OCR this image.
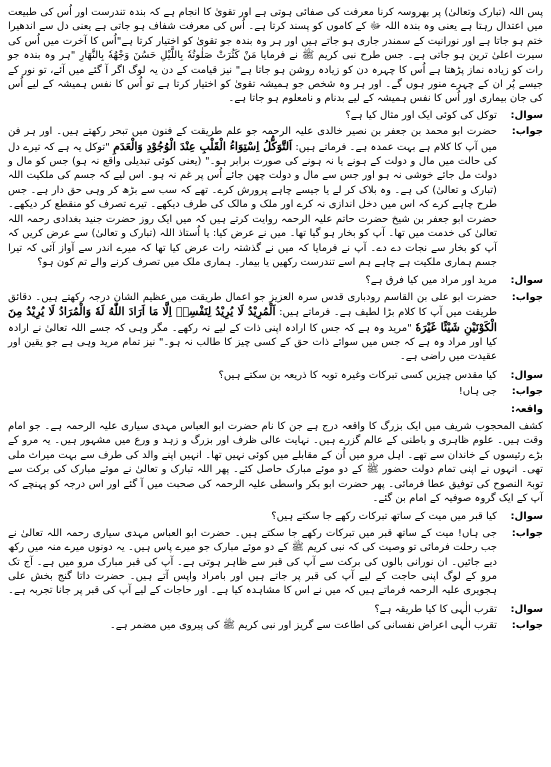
پس اللہ (تبارک وتعالیٰ) پر بھروسہ کرنا معرفت کی صفائی ہوتی ہے اور تقویٰ کا انجام ہے کہ بندہ تندرست اور اُس کی طبیعت میں اعتدال رہتا ہے یعنی وہ بندہ اللہ ﷻ کے کاموں کو پسند کرتا ہے۔ اُس کی معرفت شفاف ہو جاتی ہے یعنی دل سے اندھیرا ختم ہو جاتا ہے اور نورانیت کے سمندر جاری ہو جاتے ہیں اور ہر وہ بندہ جو تقویٰ کو اختیار کرتا ہے"اُس کا آخرت میں اُس کی سیرت اعلیٰ ترین ہو جاتی ہے۔ جس طرح نبی کریم ﷺ نے فرمایا مَنْ كَثُرَتْ صَلٰوتُهٗ بِاللَّيْلِ حَسُنَ وَجْهُهٗ بِالنَّهَارِ "ہر وہ بندہ جو رات کو زیادہ نماز پڑھتا ہے اُس کا چہرہ دن کو زیادہ روشن ہو جاتا ہے" نیز قیامت کے دن یہ لوگ اگر آ گئے میں آئے، تو نور کے جیسے پُر ان کے چہرے منور ہوں گے۔ اور ہر وہ شخص جو ہمیشہ تقویٰ کو اختیار کرتا ہے تو اُس کا نفس ہمیشہ کے لیے اُس کی جان بیماری اور اُس کا نفس ہمیشہ کے لیے بدنام و نامعلوم ہو جاتا ہے۔

سوال:
توکل کی کوئی ایک اور مثال کیا ہے؟
جواب:
حضرت ابو محمد بن جعفر بن نصیر خالدی علیہ الرحمہ جو علم طریقت کے فنون میں تبحر رکھتے ہیں۔ اور ہر فن میں آپ کا کلام ہے بہت عمدہ ہے۔ فرماتے ہیں: اَلتَّوَكُّلُ اِسْتِوَاءُ الْقَلْبِ عِنْدَ الْوُجُوْدِ وَالْعَدَمِ "توکل یہ ہے کہ تیرے دل کی حالت میں مال و دولت کے ہونے یا نہ ہونے کی صورت برابر ہو۔" (یعنی کوئی تبدیلی واقع نہ ہو) جس کو مال و دولت مل جائے خوشی نہ ہو اور جس سے مال و دولت چھن جائے اُس پر غم نہ ہو۔ اس لیے کہ جسم کی ملکیت اللہ (تبارک و تعالیٰ) کی ہے۔ وہ بلاک کر لے یا جیسے چاہے پرورش کرے۔ تھے کہ سب سے بڑھ کر وہی حق دار ہے۔ جس طرح چاہے کرے کہ اس میں دخل اندازی نہ کرے اور ملک و مالک کی طرف دیکھے۔ تیرے تصرف کو منقطع کر دیکھے۔ حضرت ابو جعفر بن شیخ حضرت حاتم علیہ الرحمہ روایت کرتے ہیں کہ میں ایک روز حضرت جنید بغدادی رحمہ اللہ تعالیٰ کی خدمت میں تھا۔ آپ کو بخار ہو گیا تھا۔ میں نے عرض کیا: یا اُستاذ اللہ (تبارک و تعالیٰ) سے عرض کریں کہ آپ کو بخار سے نجات دے دے۔ آپ نے فرمایا کہ میں نے گذشتہ رات عرض کیا تھا کہ میرے اندر سے آواز آئی کہ تیرا جسم ہماری ملکیت ہے چاہے ہم اسے تندرست رکھیں یا بیمار۔ ہماری ملک میں تصرف کرنے والے تم کون ہو؟
سوال:
مرید اور مراد میں کیا فرق ہے؟
جواب:
حضرت ابو علی بن القاسم رودباری قدس سرہ العزیز جو اعمال طریقت میں عظیم الشان درجہ رکھتے ہیں۔ دقائق طریقت میں آپ کا کلام بڑا لطیف ہے۔ فرماتے ہیں: اَلْمُرِيْدُ لَا يُرِيْدُ لِنَفْسِهٖ اِلَّا مَا اَرَادَ اللّٰهُ لَهٗ وَالْمُرَادُ لَا يُرِيْدُ مِنَ الْكَوْنَيْنِ شَيْئًا غَيْرَهٗ "مرید وہ ہے کہ جس کا ارادہ اپنی ذات کے لیے نہ رکھے۔ مگر وہی کہ جسے اللہ تعالیٰ نے ارادہ کیا اور مراد وہ ہے کہ جس میں سوائے ذات حق کے کسی چیز کا طالب نہ ہو۔" نیز تمام مرید وہی ہے جو یقین اور عقیدت میں راضی ہے۔
سوال:
کیا مقدس چیزیں کسی تبرکات وغیرہ توبہ کا ذریعہ بن سکتے ہیں؟
جواب:
جی ہاں!
واقعہ:

کشف المحجوب شریف میں ایک بزرگ کا واقعہ درج ہے جن کا نام حضرت ابو العباس مہدی سیاری علیہ الرحمہ ہے۔ جو امام وقت ہیں۔ علوم ظاہری و باطنی کے عالم گزرے ہیں۔ نہایت عالی ظرف اور بزرگ و زہد و ورع میں مشہور ہیں۔ یہ مرو کے بڑے رئیسوں کے خاندان سے تھے۔ اہل مرو میں اُن کے مقابلے میں کوئی نہیں تھا۔ انہیں اپنے والد کی طرف سے بہت میراث ملی تھی۔ انہوں نے اپنی تمام دولت حضور ﷺ کے دو موئے مبارک حاصل کئے۔ پھر اللہ تبارک و تعالیٰ نے موئے مبارک کی برکت سے توبۃ النصوح کی توفیق عطا فرمائی۔ پھر حضرت ابو بکر واسطی علیہ الرحمہ کی صحبت میں آ گئے اور اس درجہ کو پہنچے کہ آپ کے ایک گروہ صوفیہ کے امام بن گئے۔

سوال:
کیا قبر میں میت کے ساتھ تبرکات رکھے جا سکتے ہیں؟
جواب:
جی ہاں! میت کے ساتھ قبر میں تبرکات رکھے جا سکتے ہیں۔ حضرت ابو العباس مہدی سیاری رحمہ اللہ تعالیٰ نے جب رحلت فرمائی تو وصیت کی کہ نبی کریم ﷺ کے دو موئے مبارک جو میرے پاس ہیں۔ یہ دونوں میرے منہ میں رکھ دیے جائیں۔ ان نورانی بالوں کی برکت سے آپ کی قبر سے ظاہر ہوتی ہے۔ آپ کی قبر مبارک مرو میں ہے۔ آج تک مرو کے لوگ اپنی حاجت کے لیے آپ کی قبر پر جاتے ہیں اور بامراد واپس آتے ہیں۔ حضرت داتا گنج بخش علی ہجویری علیہ الرحمہ فرماتے ہیں کہ میں نے اس کا مشاہدہ کیا ہے۔ اور حاجات کے لیے آپ کی قبر پر جانا تجربہ ہے۔
سوال:
تقرب الٰہی کا کیا طریقہ ہے؟
جواب:
تقرب الٰہی اعراض نفسانی کی اطاعت سے گریز اور نبی کریم ﷺ کی پیروی میں مضمر ہے۔
